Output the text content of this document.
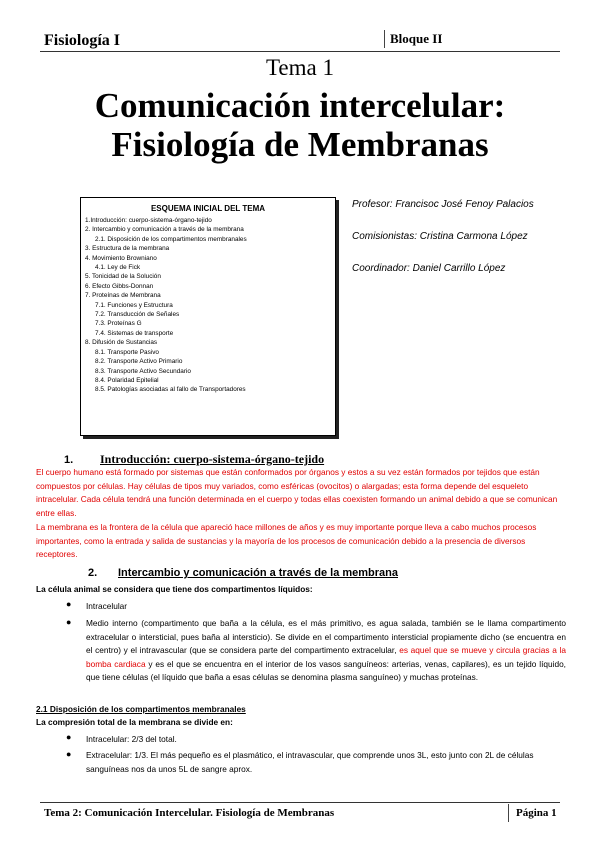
Fisiología I	Bloque II
Tema 1
Comunicación intercelular:
Fisiología de Membranas
ESQUEMA INICIAL DEL TEMA
1.Introducción: cuerpo-sistema-órgano-tejido
2. Intercambio y comunicación a través de la membrana
2.1. Disposición de los compartimentos membranales
3. Estructura de la membrana
4. Movimiento Browniano
4.1. Ley de Fick
5. Tonicidad de la Solución
6. Efecto Gibbs-Donnan
7. Proteínas de Membrana
7.1. Funciones y Estructura
7.2. Transducción de Señales
7.3. Proteínas G
7.4. Sistemas de transporte
8. Difusión de Sustancias
8.1. Transporte Pasivo
8.2. Transporte Activo Primario
8.3. Transporte Activo Secundario
8.4. Polaridad Epitelial
8.5. Patologías asociadas al fallo de Transportadores
Profesor: Francisoc José Fenoy Palacios
Comisionistas: Cristina Carmona López
Coordinador: Daniel Carrillo López
1. Introducción: cuerpo-sistema-órgano-tejido
El cuerpo humano está formado por sistemas que están conformados por órganos y estos a su vez están formados por tejidos que están compuestos por células. Hay células de tipos muy variados, como esféricas (ovocitos) o alargadas; esta forma depende del esqueleto intracelular. Cada célula tendrá una función determinada en el cuerpo y todas ellas coexisten formando un animal debido a que se comunican entre ellas.
La membrana es la frontera de la célula que apareció hace millones de años y es muy importante porque lleva a cabo muchos procesos importantes, como la entrada y salida de sustancias y la mayoría de los procesos de comunicación debido a la presencia de diversos receptores.
2. Intercambio y comunicación a través de la membrana
La célula animal se considera que tiene dos compartimentos líquidos:
● Intracelular
● Medio interno (compartimento que baña a la célula, es el más primitivo, es agua salada, también se le llama compartimento extracelular o intersticial, pues baña al intersticio). Se divide en el compartimento intersticial propiamente dicho (se encuentra en el centro) y el intravascular (que se considera parte del compartimento extracelular, es aquel que se mueve y circula gracias a la bomba cardiaca y es el que se encuentra en el interior de los vasos sanguíneos: arterias, venas, capilares), es un tejido líquido, que tiene células (el líquido que baña a esas células se denomina plasma sanguíneo) y muchas proteínas.
2.1 Disposición de los compartimentos membranales
La compresión total de la membrana se divide en:
● Intracelular: 2/3 del total.
● Extracelular: 1/3. El más pequeño es el plasmático, el intravascular, que comprende unos 3L, esto junto con 2L de células sanguíneas nos da unos 5L de sangre aprox.
Tema 2: Comunicación Intercelular. Fisiología de Membranas	Página 1
